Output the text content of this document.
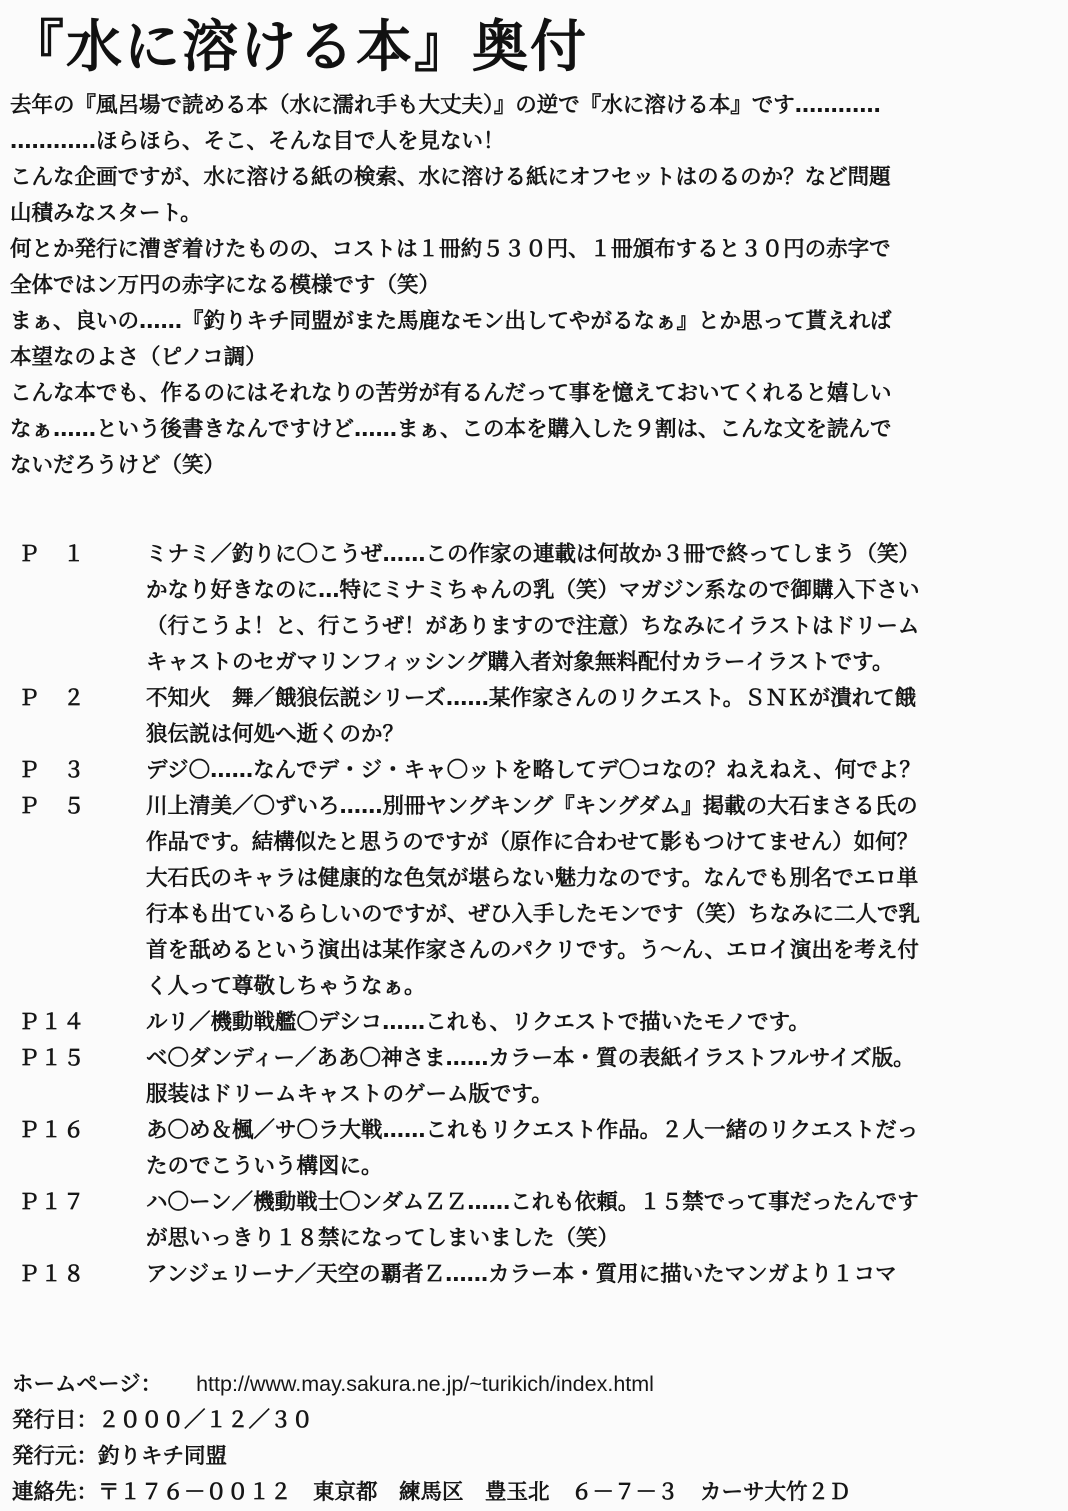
『水に溶ける本』奥付

去年の『風呂場で読める本（水に濡れ手も大丈夫）』の逆で『水に溶ける本』です…………

…………ほらほら、そこ、そんな目で人を見ない！

こんな企画ですが、水に溶ける紙の検索、水に溶ける紙にオフセットはのるのか？など問題

山積みなスタート。

何とか発行に漕ぎ着けたものの、コストは１冊約５３０円、１冊頒布すると３０円の赤字で

全体ではン万円の赤字になる模様です（笑）

まぁ、良いの……『釣りキチ同盟がまた馬鹿なモン出してやがるなぁ』とか思って貰えれば

本望なのよさ（ピノコ調）

こんな本でも、作るのにはそれなりの苦労が有るんだって事を憶えておいてくれると嬉しい

なぁ……という後書きなんですけど……まぁ、この本を購入した９割は、こんな文を読んで

ないだろうけど（笑）

Ｐ　１	ミナミ／釣りに〇こうぜ……この作家の連載は何故か３冊で終ってしまう（笑）
かなり好きなのに…特にミナミちゃんの乳（笑）マガジン系なので御購入下さい
（行こうよ！と、行こうぜ！がありますので注意）ちなみにイラストはドリーム
キャストのセガマリンフィッシング購入者対象無料配付カラーイラストです。
Ｐ　２	不知火　舞／餓狼伝説シリーズ……某作家さんのリクエスト。ＳＮＫが潰れて餓
狼伝説は何処へ逝くのか？
Ｐ　３	デジ〇……なんでデ・ジ・キャ〇ットを略してデ〇コなの？ねえねえ、何でよ？
Ｐ　５	川上清美／〇ずいろ……別冊ヤングキング『キングダム』掲載の大石まさる氏の
作品です。結構似たと思うのですが（原作に合わせて影もつけてません）如何？
大石氏のキャラは健康的な色気が堪らない魅力なのです。なんでも別名でエロ単
行本も出ているらしいのですが、ぜひ入手したモンです（笑）ちなみに二人で乳
首を舐めるという演出は某作家さんのパクリです。う～ん、エロイ演出を考え付
く人って尊敬しちゃうなぁ。
Ｐ１４	ルリ／機動戦艦〇デシコ……これも、リクエストで描いたモノです。
Ｐ１５	ベ〇ダンディー／ああ〇神さま……カラー本・質の表紙イラストフルサイズ版。
服装はドリームキャストのゲーム版です。
Ｐ１６	あ〇め＆楓／サ〇ラ大戦……これもリクエスト作品。２人一緒のリクエストだっ
たのでこういう構図に。
Ｐ１７	ハ〇ーン／機動戦士〇ンダムＺＺ……これも依頼。１５禁でって事だったんです
が思いっきり１８禁になってしまいました（笑）
Ｐ１８	アンジェリーナ／天空の覇者Ｚ……カラー本・質用に描いたマンガより１コマ
ホームページ： http://www.may.sakura.ne.jp/~turikich/index.html
発行日：２０００／１２／３０
発行元：釣りキチ同盟
連絡先：〒１７６－００１２　東京都　練馬区　豊玉北　６－７－３　カーサ大竹２Ｄ
